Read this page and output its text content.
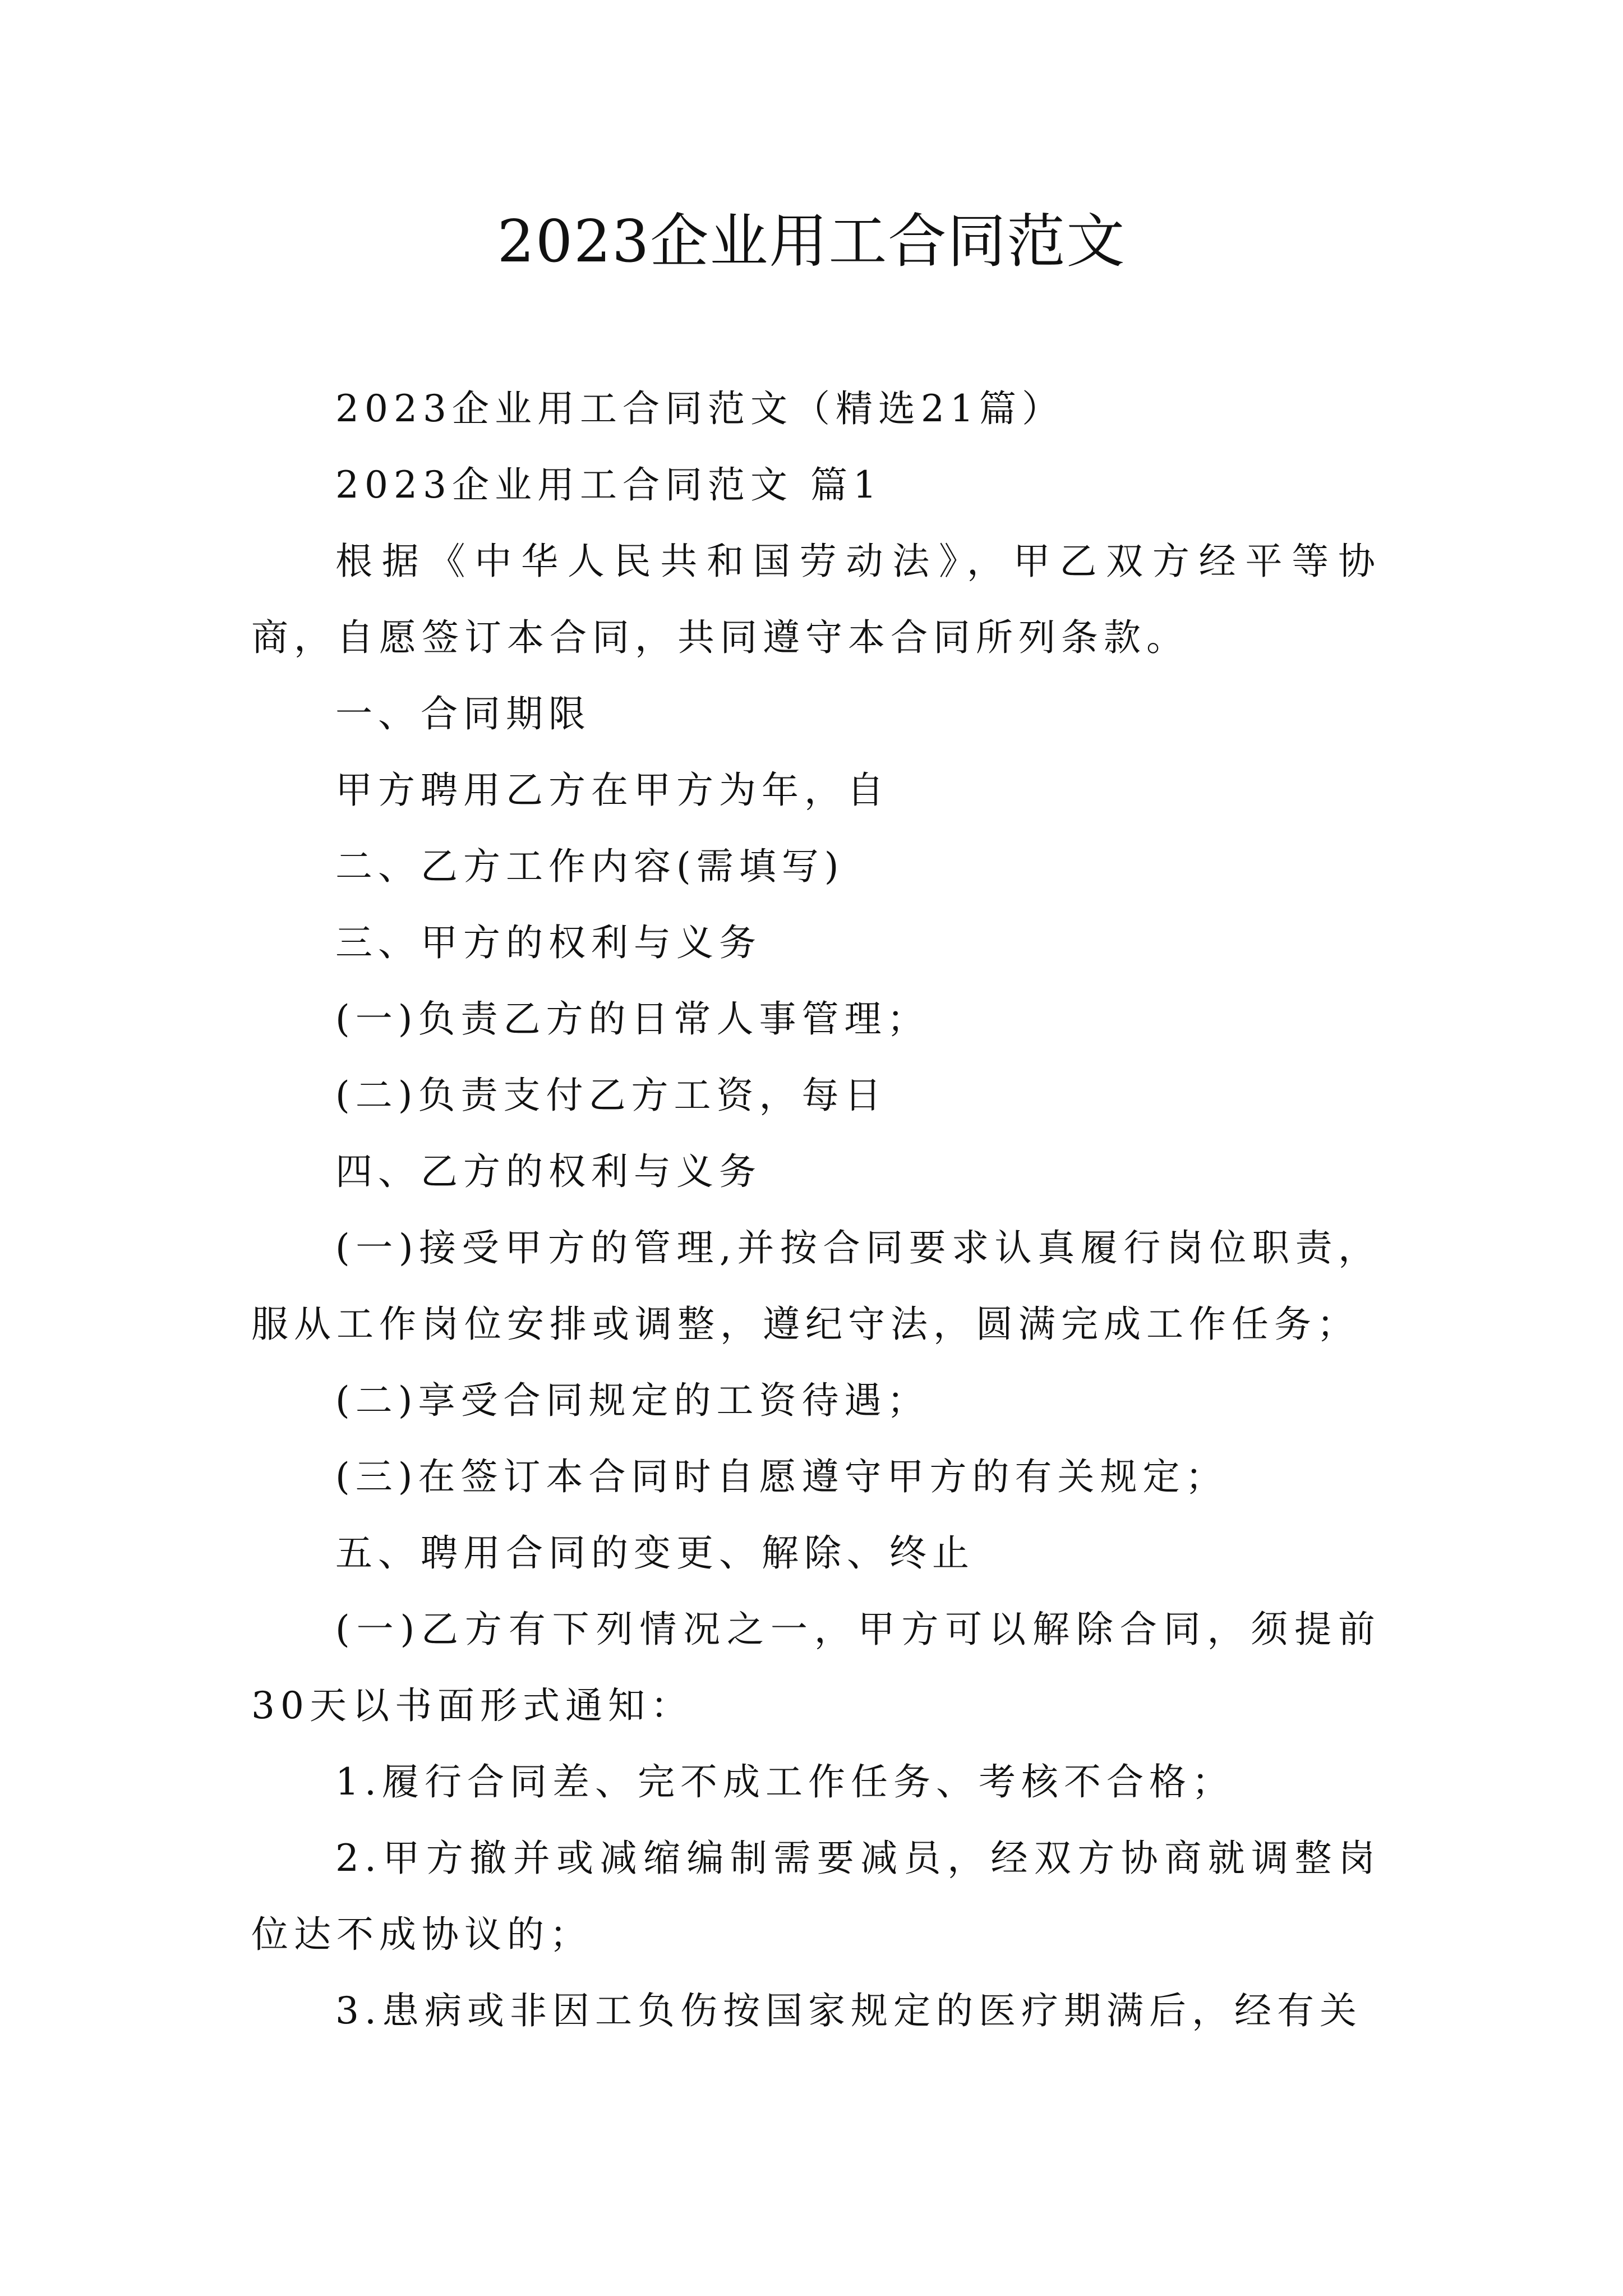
2023企业用工合同范文

2023企业用工合同范文（精选21篇）

2023企业用工合同范文 篇1

根据《中华人民共和国劳动法》，甲乙双方经平等协商，自愿签订本合同，共同遵守本合同所列条款。

一、合同期限

甲方聘用乙方在甲方为年，自

二、乙方工作内容(需填写)

三、甲方的权利与义务

(一)负责乙方的日常人事管理；

(二)负责支付乙方工资，每日

四、乙方的权利与义务

(一)接受甲方的管理,并按合同要求认真履行岗位职责，服从工作岗位安排或调整，遵纪守法，圆满完成工作任务；

(二)享受合同规定的工资待遇；

(三)在签订本合同时自愿遵守甲方的有关规定；

五、聘用合同的变更、解除、终止

(一)乙方有下列情况之一，甲方可以解除合同，须提前30天以书面形式通知：

1.履行合同差、完不成工作任务、考核不合格；

2.甲方撤并或减缩编制需要减员，经双方协商就调整岗位达不成协议的；

3.患病或非因工负伤按国家规定的医疗期满后，经有关
